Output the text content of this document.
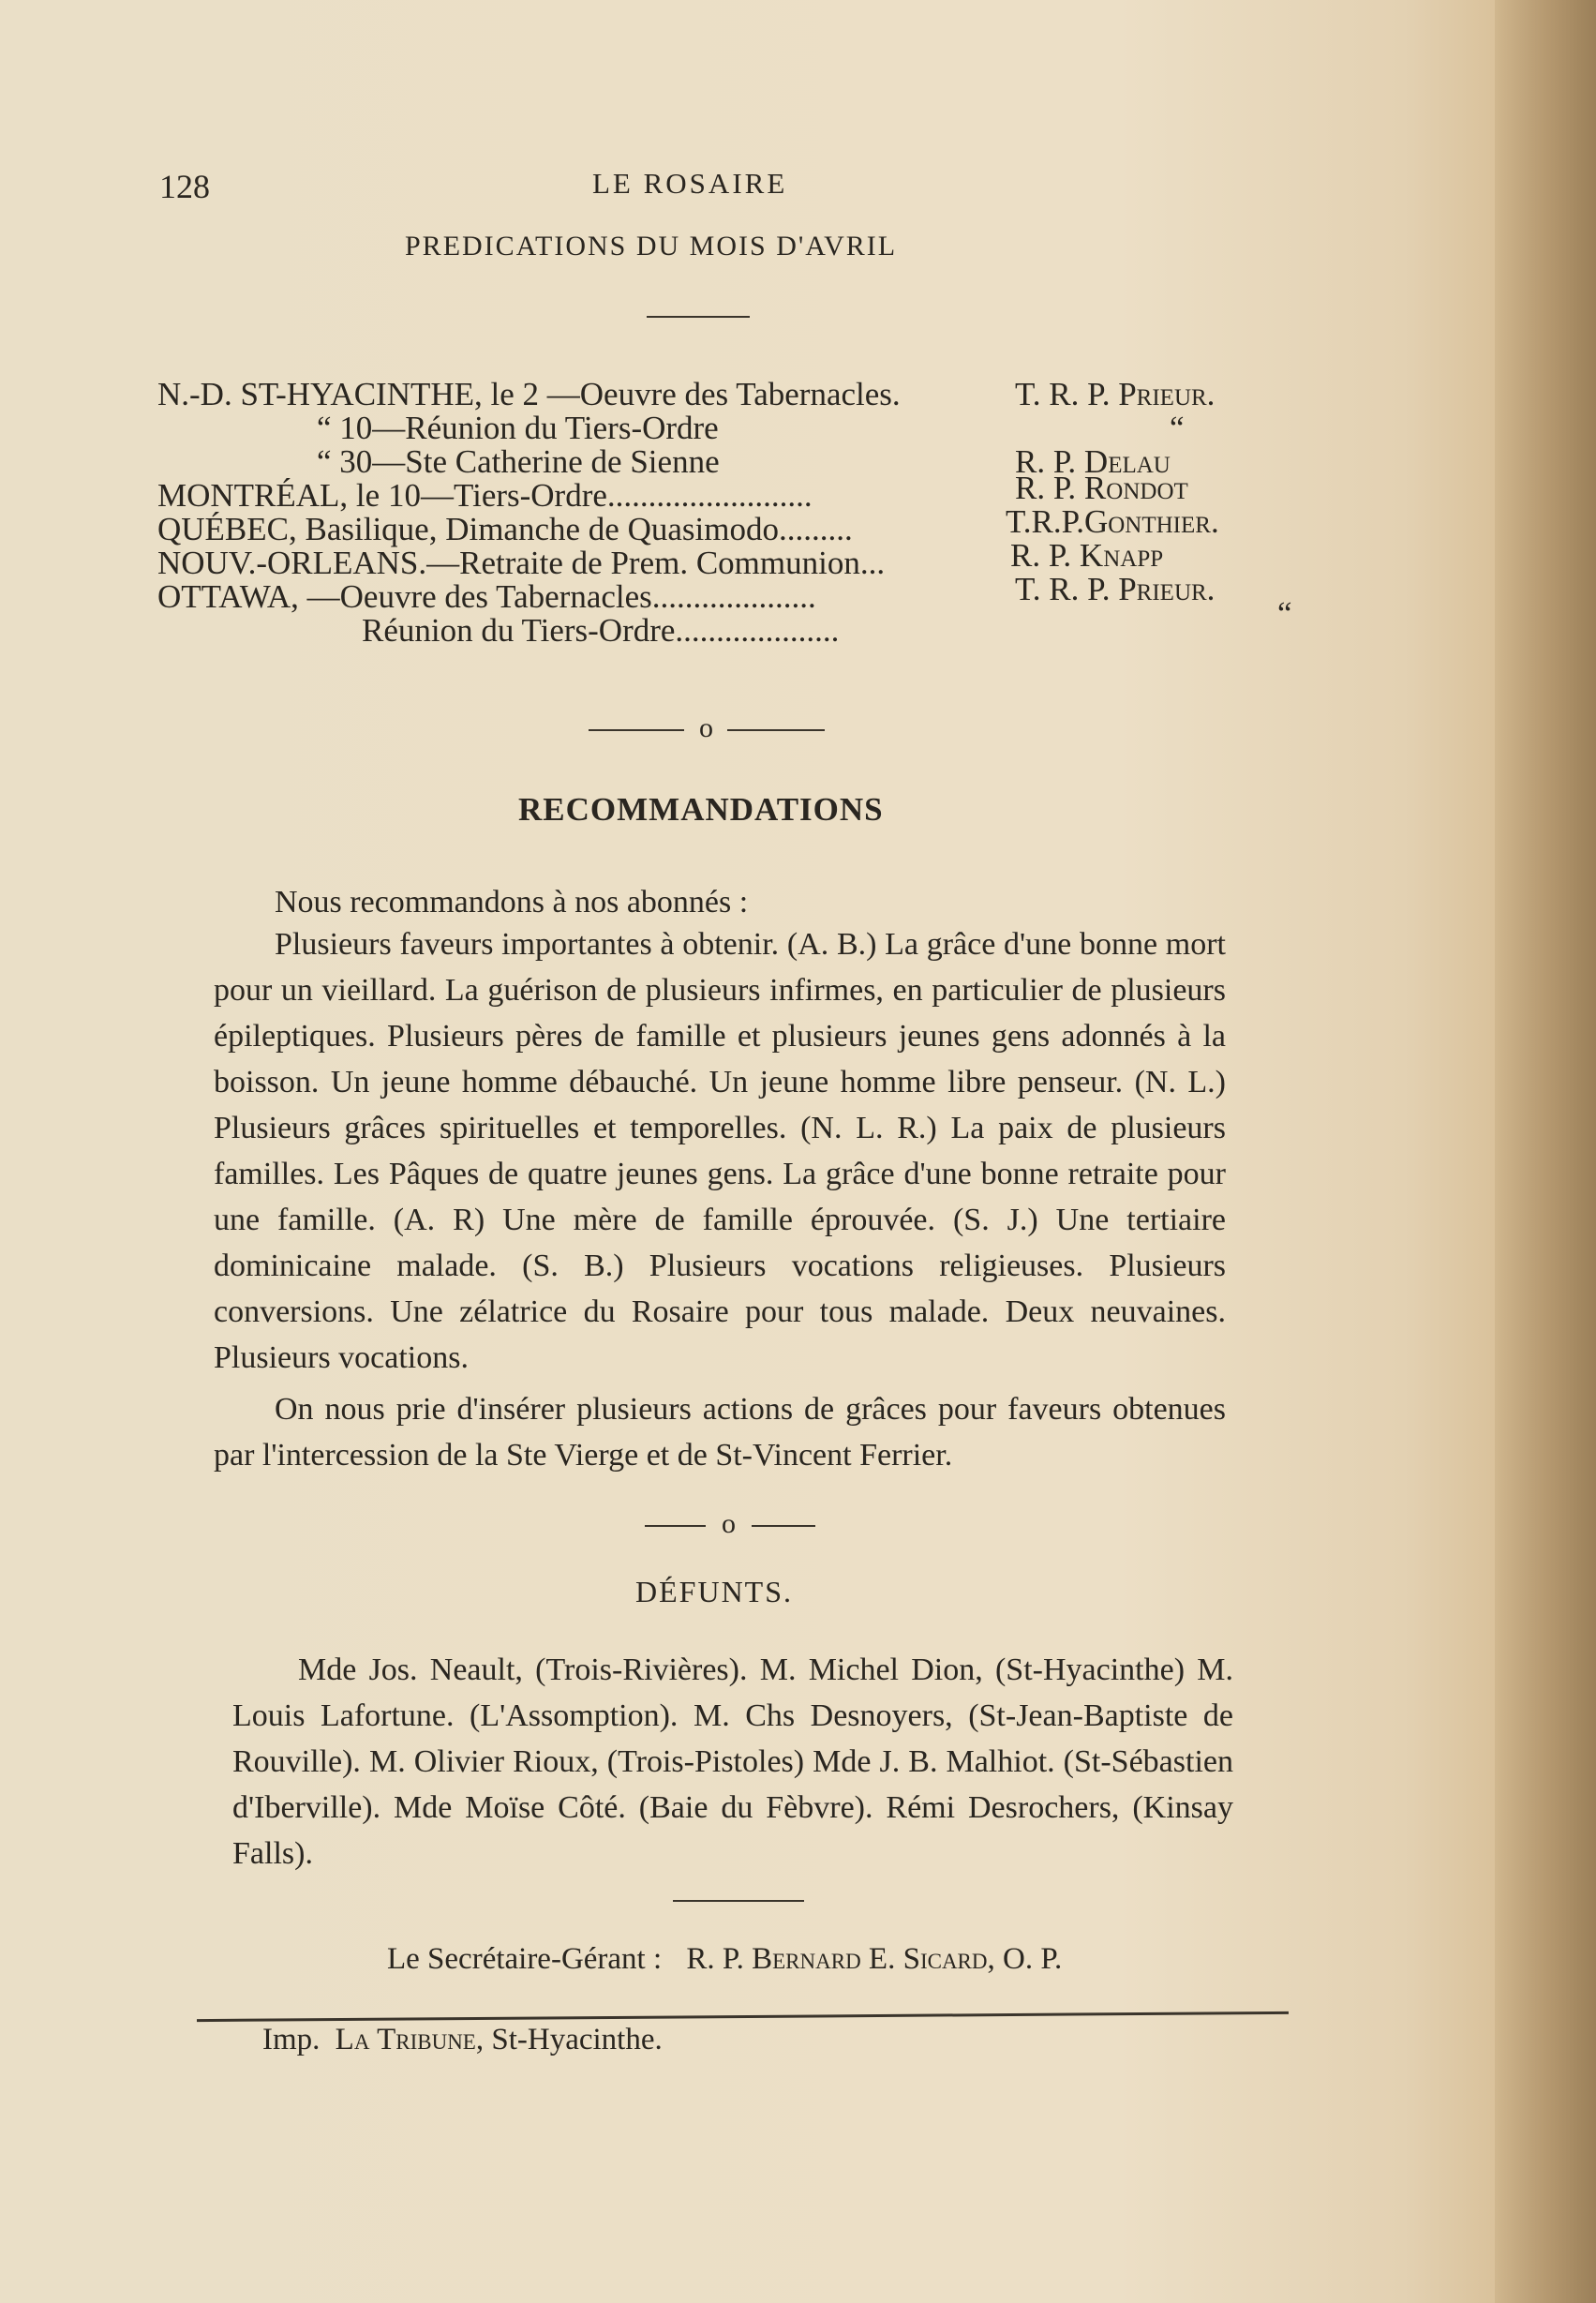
128	LE ROSAIRE
PREDICATIONS DU MOIS D'AVRIL
N.-D. ST-HYACINTHE, le 2 —Oeuvre des Tabernacles.	T. R. P. Prieur.
“ 10—Réunion du Tiers-Ordre	“
“ 30—Ste Catherine de Sienne	R. P. Delau
MONTRÉAL, le 10—Tiers-Ordre.........................	R. P. Rondot
QUÉBEC, Basilique, Dimanche de Quasimodo.........	T.R.P.Gonthier.
NOUV.-ORLEANS.—Retraite de Prem. Communion...	R. P. Knapp
OTTAWA, —Oeuvre des Tabernacles....................	T. R. P. Prieur.
Réunion du Tiers-Ordre....................	“
o
RECOMMANDATIONS

Nous recommandons à nos abonnés :

Plusieurs faveurs importantes à obtenir. (A. B.) La grâce d'une bonne mort pour un vieillard. La guérison de plusieurs infirmes, en particulier de plusieurs épileptiques. Plusieurs pères de famille et plusieurs jeunes gens adonnés à la boisson. Un jeune homme débauché. Un jeune homme libre penseur. (N. L.) Plusieurs grâces spirituelles et temporelles. (N. L. R.) La paix de plusieurs familles. Les Pâques de quatre jeunes gens. La grâce d'une bonne retraite pour une famille. (A. R) Une mère de famille éprouvée. (S. J.) Une tertiaire dominicaine malade. (S. B.) Plusieurs vocations religieuses. Plusieurs conversions. Une zélatrice du Rosaire pour tous malade. Deux neuvaines. Plusieurs vocations.

On nous prie d'insérer plusieurs actions de grâces pour faveurs obtenues par l'intercession de la Ste Vierge et de St-Vincent Ferrier.

o
DÉFUNTS.

Mde Jos. Neault, (Trois-Rivières). M. Michel Dion, (St-Hyacinthe) M. Louis Lafortune. (L'Assomption). M. Chs Desnoyers, (St-Jean-Baptiste de Rouville). M. Olivier Rioux, (Trois-Pistoles) Mde J. B. Malhiot. (St-Sébastien d'Iberville). Mde Moïse Côté. (Baie du Fèbvre). Rémi Desrochers, (Kinsay Falls).

Le Secrétaire-Gérant : R. P. Bernard E. Sicard, O. P.
Imp. La Tribune, St-Hyacinthe.
